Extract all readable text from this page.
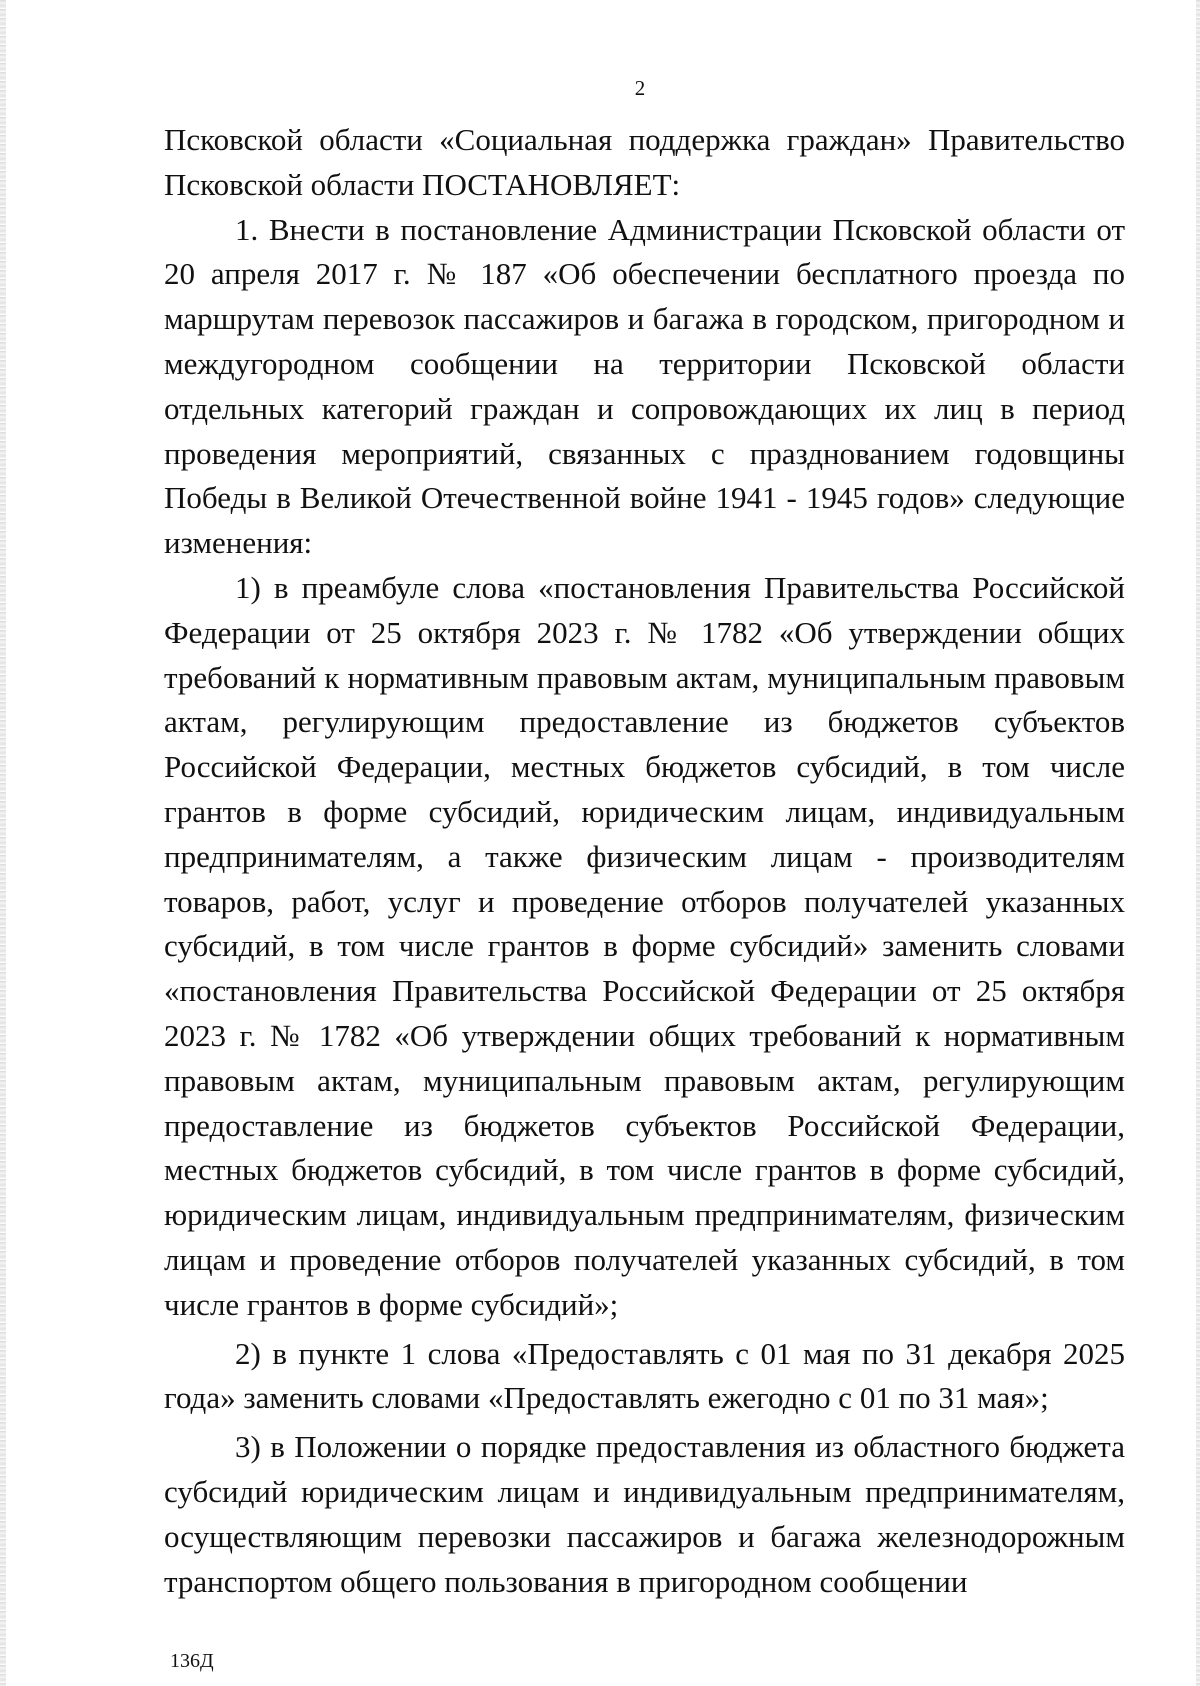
2

Псковской области «Социальная поддержка граждан» Правительство Псковской области ПОСТАНОВЛЯЕТ:

1. Внести в постановление Администрации Псковской области от 20 апреля 2017 г. № 187 «Об обеспечении бесплатного проезда по маршрутам перевозок пассажиров и багажа в городском, пригородном и междугородном сообщении на территории Псковской области отдельных категорий граждан и сопровождающих их лиц в период проведения мероприятий, связанных с празднованием годовщины Победы в Великой Отечественной войне 1941 - 1945 годов» следующие изменения:

1) в преамбуле слова «постановления Правительства Российской Федерации от 25 октября 2023 г. № 1782 «Об утверждении общих требований к нормативным правовым актам, муниципальным правовым актам, регулирующим предоставление из бюджетов субъектов Российской Федерации, местных бюджетов субсидий, в том числе грантов в форме субсидий, юридическим лицам, индивидуальным предпринимателям, а также физическим лицам - производителям товаров, работ, услуг и проведение отборов получателей указанных субсидий, в том числе грантов в форме субсидий» заменить словами «постановления Правительства Российской Федерации от 25 октября 2023 г. № 1782 «Об утверждении общих требований к нормативным правовым актам, муниципальным правовым актам, регулирующим предоставление из бюджетов субъектов Российской Федерации, местных бюджетов субсидий, в том числе грантов в форме субсидий, юридическим лицам, индивидуальным предпринимателям, физическим лицам и проведение отборов получателей указанных субсидий, в том числе грантов в форме субсидий»;

2) в пункте 1 слова «Предоставлять с 01 мая по 31 декабря 2025 года» заменить словами «Предоставлять ежегодно с 01 по 31 мая»;

3) в Положении о порядке предоставления из областного бюджета субсидий юридическим лицам и индивидуальным предпринимателям, осуществляющим перевозки пассажиров и багажа железнодорожным транспортом общего пользования в пригородном сообщении

136Д
